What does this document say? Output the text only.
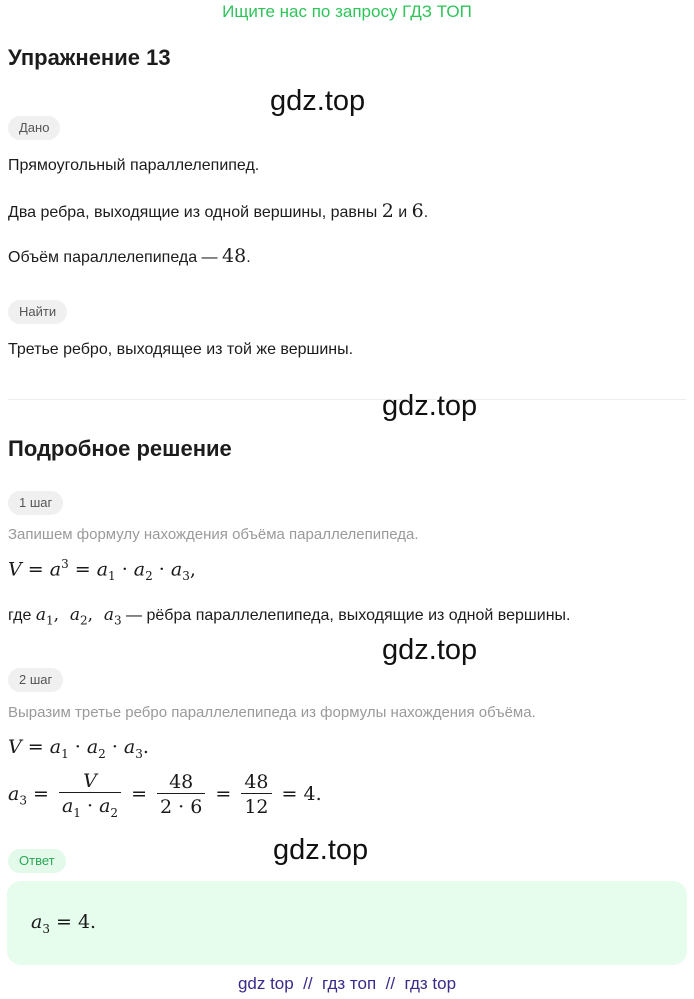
Ищите нас по запросу ГДЗ ТОП
Упражнение 13
gdz.top
Дано
Прямоугольный параллелепипед.
Два ребра, выходящие из одной вершины, равны 2 и 6.
Объём параллелепипеда — 48.
Найти
Третье ребро, выходящее из той же вершины.
gdz.top
Подробное решение
1 шаг
Запишем формулу нахождения объёма параллелепипеда.
$V = a^3 = a_1 \cdot a_2 \cdot a_3$,
где $a_1$,  $a_2$,  $a_3$ — рёбра параллелепипеда, выходящие из одной вершины.
gdz.top
2 шаг
Выразим третье ребро параллелепипеда из формулы нахождения объёма.
$V = a_1 \cdot a_2 \cdot a_3$.
$a_3 = \frac{V}{a_1 \cdot a_2} = \frac{48}{2 \cdot 6} = \frac{48}{12} = 4$.
Ответ	gdz.top
$a_3 = 4$.
gdz top  //  гдз топ  //  гдз top
